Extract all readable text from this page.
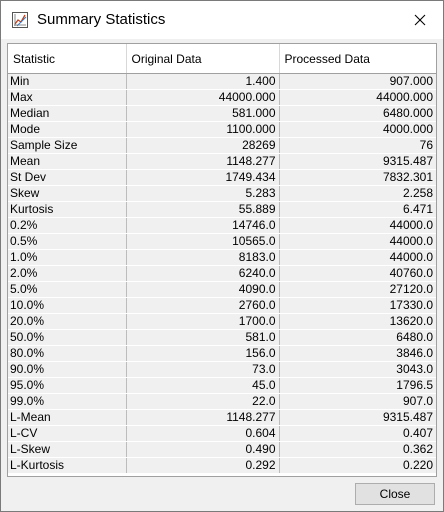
Summary Statistics
Statistic	Original Data	Processed Data
Min	1.400	907.000
Max	44000.000	44000.000
Median	581.000	6480.000
Mode	1100.000	4000.000
Sample Size	28269	76
Mean	1148.277	9315.487
St Dev	1749.434	7832.301
Skew	5.283	2.258
Kurtosis	55.889	6.471
0.2%	14746.0	44000.0
0.5%	10565.0	44000.0
1.0%	8183.0	44000.0
2.0%	6240.0	40760.0
5.0%	4090.0	27120.0
10.0%	2760.0	17330.0
20.0%	1700.0	13620.0
50.0%	581.0	6480.0
80.0%	156.0	3846.0
90.0%	73.0	3043.0
95.0%	45.0	1796.5
99.0%	22.0	907.0
L-Mean	1148.277	9315.487
L-CV	0.604	0.407
L-Skew	0.490	0.362
L-Kurtosis	0.292	0.220
Close
